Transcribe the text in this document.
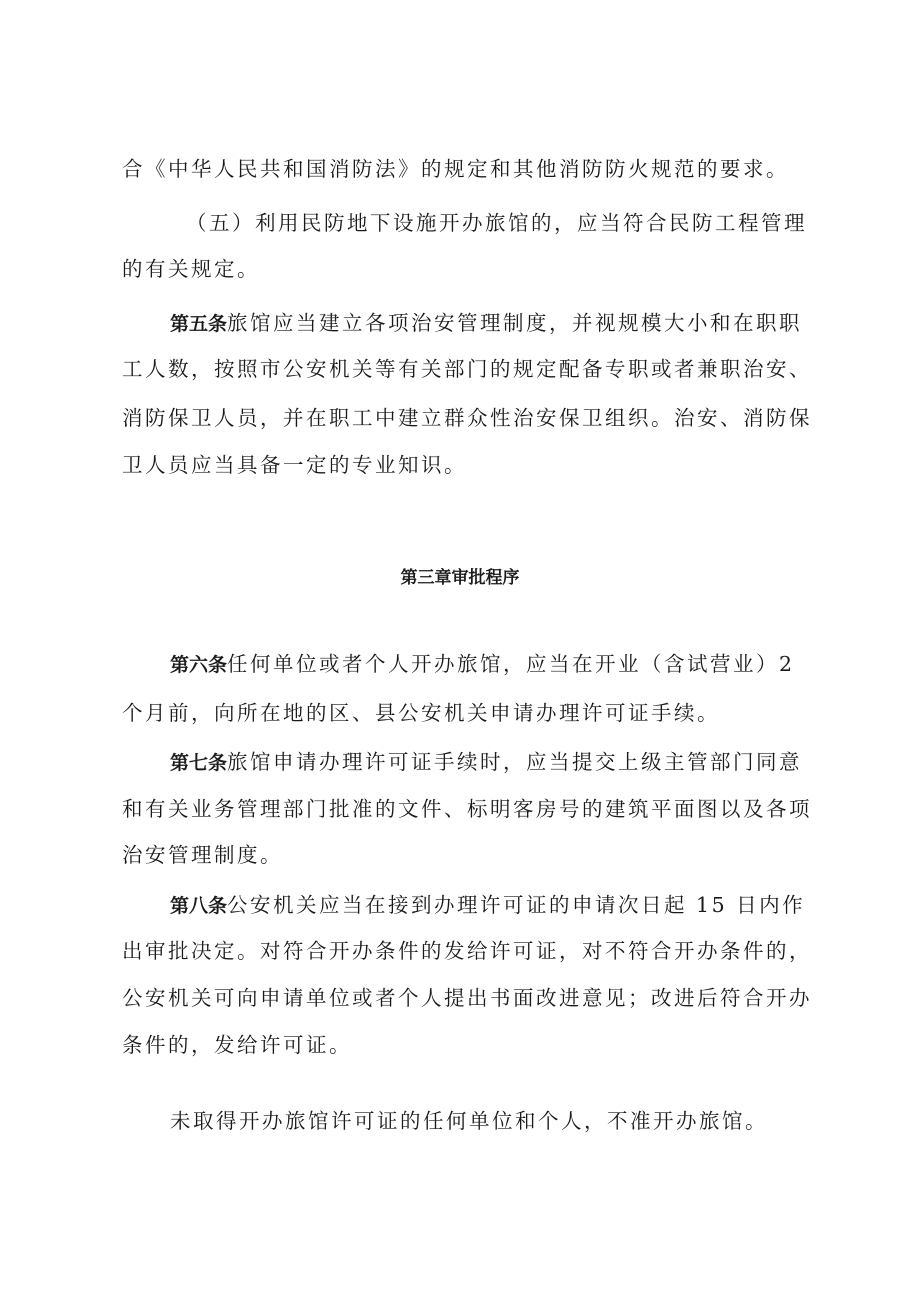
合《中华人民共和国消防法》的规定和其他消防防火规范的要求。
（五）利用民防地下设施开办旅馆的，应当符合民防工程管理
的有关规定。
第五条旅馆应当建立各项治安管理制度，并视规模大小和在职职
工人数，按照市公安机关等有关部门的规定配备专职或者兼职治安、
消防保卫人员，并在职工中建立群众性治安保卫组织。治安、消防保
卫人员应当具备一定的专业知识。
第三章审批程序
第六条任何单位或者个人开办旅馆，应当在开业（含试营业）2
个月前，向所在地的区、县公安机关申请办理许可证手续。
第七条旅馆申请办理许可证手续时，应当提交上级主管部门同意
和有关业务管理部门批准的文件、标明客房号的建筑平面图以及各项
治安管理制度。
第八条公安机关应当在接到办理许可证的申请次日起 15 日内作
出审批决定。对符合开办条件的发给许可证，对不符合开办条件的，
公安机关可向申请单位或者个人提出书面改进意见；改进后符合开办
条件的，发给许可证。
未取得开办旅馆许可证的任何单位和个人，不准开办旅馆。
